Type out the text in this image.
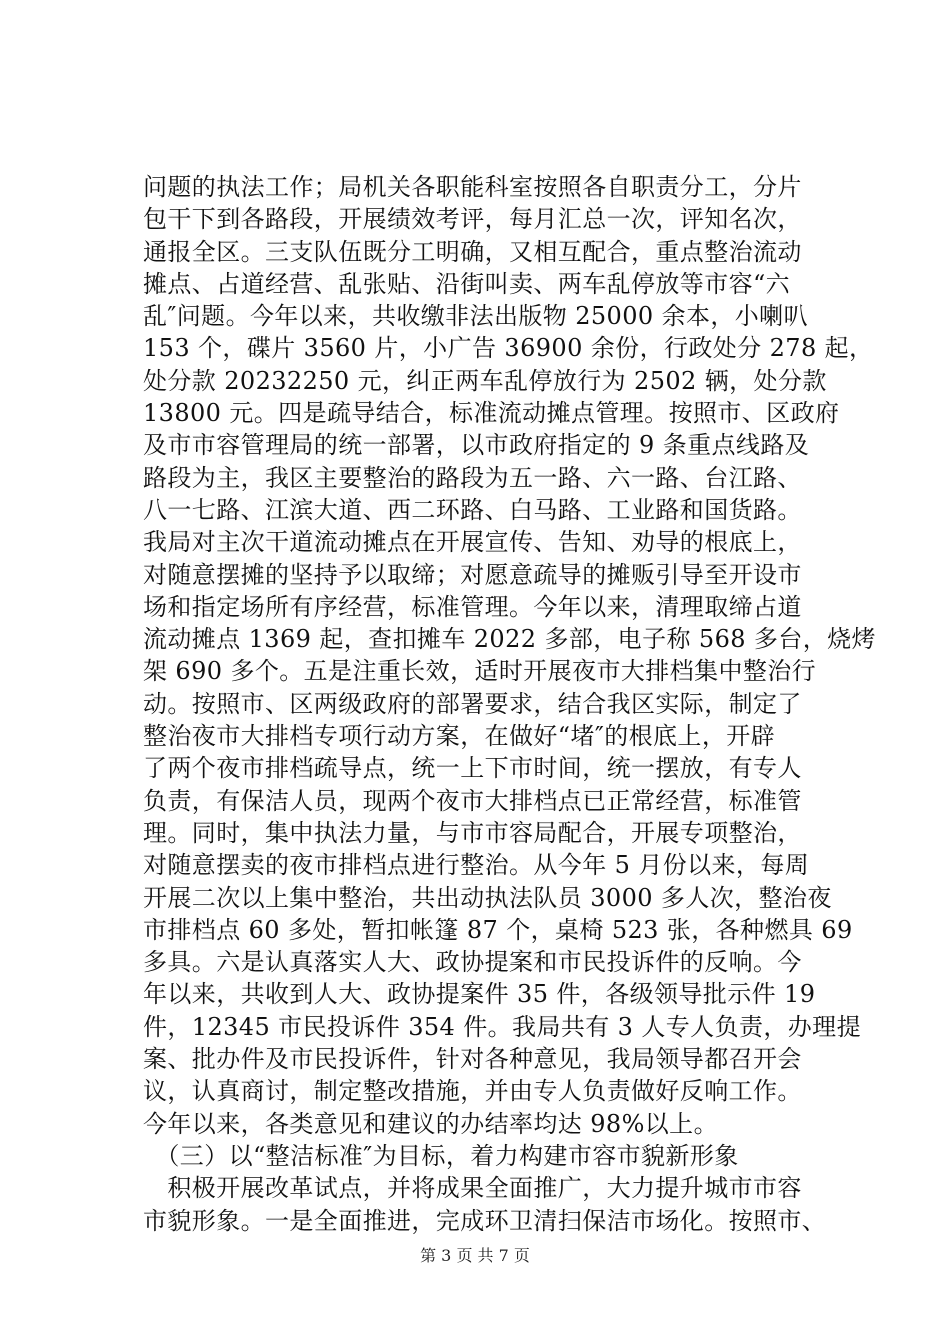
问题的执法工作；局机关各职能科室按照各自职责分工，分片
包干下到各路段，开展绩效考评，每月汇总一次，评知名次，
通报全区。三支队伍既分工明确，又相互配合，重点整治流动
摊点、占道经营、乱张贴、沿街叫卖、两车乱停放等市容“六
乱″问题。今年以来，共收缴非法出版物 25000 余本，小喇叭
153 个，碟片 3560 片，小广告 36900 余份，行政处分 278 起，
处分款 20232250 元，纠正两车乱停放行为 2502 辆，处分款
13800 元。四是疏导结合，标准流动摊点管理。按照市、区政府
及市市容管理局的统一部署，以市政府指定的 9 条重点线路及
路段为主，我区主要整治的路段为五一路、六一路、台江路、
八一七路、江滨大道、西二环路、白马路、工业路和国货路。
我局对主次干道流动摊点在开展宣传、告知、劝导的根底上，
对随意摆摊的坚持予以取缔；对愿意疏导的摊贩引导至开设市
场和指定场所有序经营，标准管理。今年以来，清理取缔占道
流动摊点 1369 起，查扣摊车 2022 多部，电子称 568 多台，烧烤
架 690 多个。五是注重长效，适时开展夜市大排档集中整治行
动。按照市、区两级政府的部署要求，结合我区实际，制定了
整治夜市大排档专项行动方案，在做好“堵″的根底上，开辟
了两个夜市排档疏导点，统一上下市时间，统一摆放，有专人
负责，有保洁人员，现两个夜市大排档点已正常经营，标准管
理。同时，集中执法力量，与市市容局配合，开展专项整治，
对随意摆卖的夜市排档点进行整治。从今年 5 月份以来，每周
开展二次以上集中整治，共出动执法队员 3000 多人次，整治夜
市排档点 60 多处，暂扣帐篷 87 个，桌椅 523 张，各种燃具 69
多具。六是认真落实人大、政协提案和市民投诉件的反响。今
年以来，共收到人大、政协提案件 35 件，各级领导批示件 19
件，12345 市民投诉件 354 件。我局共有 3 人专人负责，办理提
案、批办件及市民投诉件，针对各种意见，我局领导都召开会
议，认真商讨，制定整改措施，并由专人负责做好反响工作。
今年以来，各类意见和建议的办结率均达 98%以上。
　（三）以“整洁标准″为目标，着力构建市容市貌新形象
　积极开展改革试点，并将成果全面推广，大力提升城市市容
市貌形象。一是全面推进，完成环卫清扫保洁市场化。按照市、
第 3 页 共 7 页
